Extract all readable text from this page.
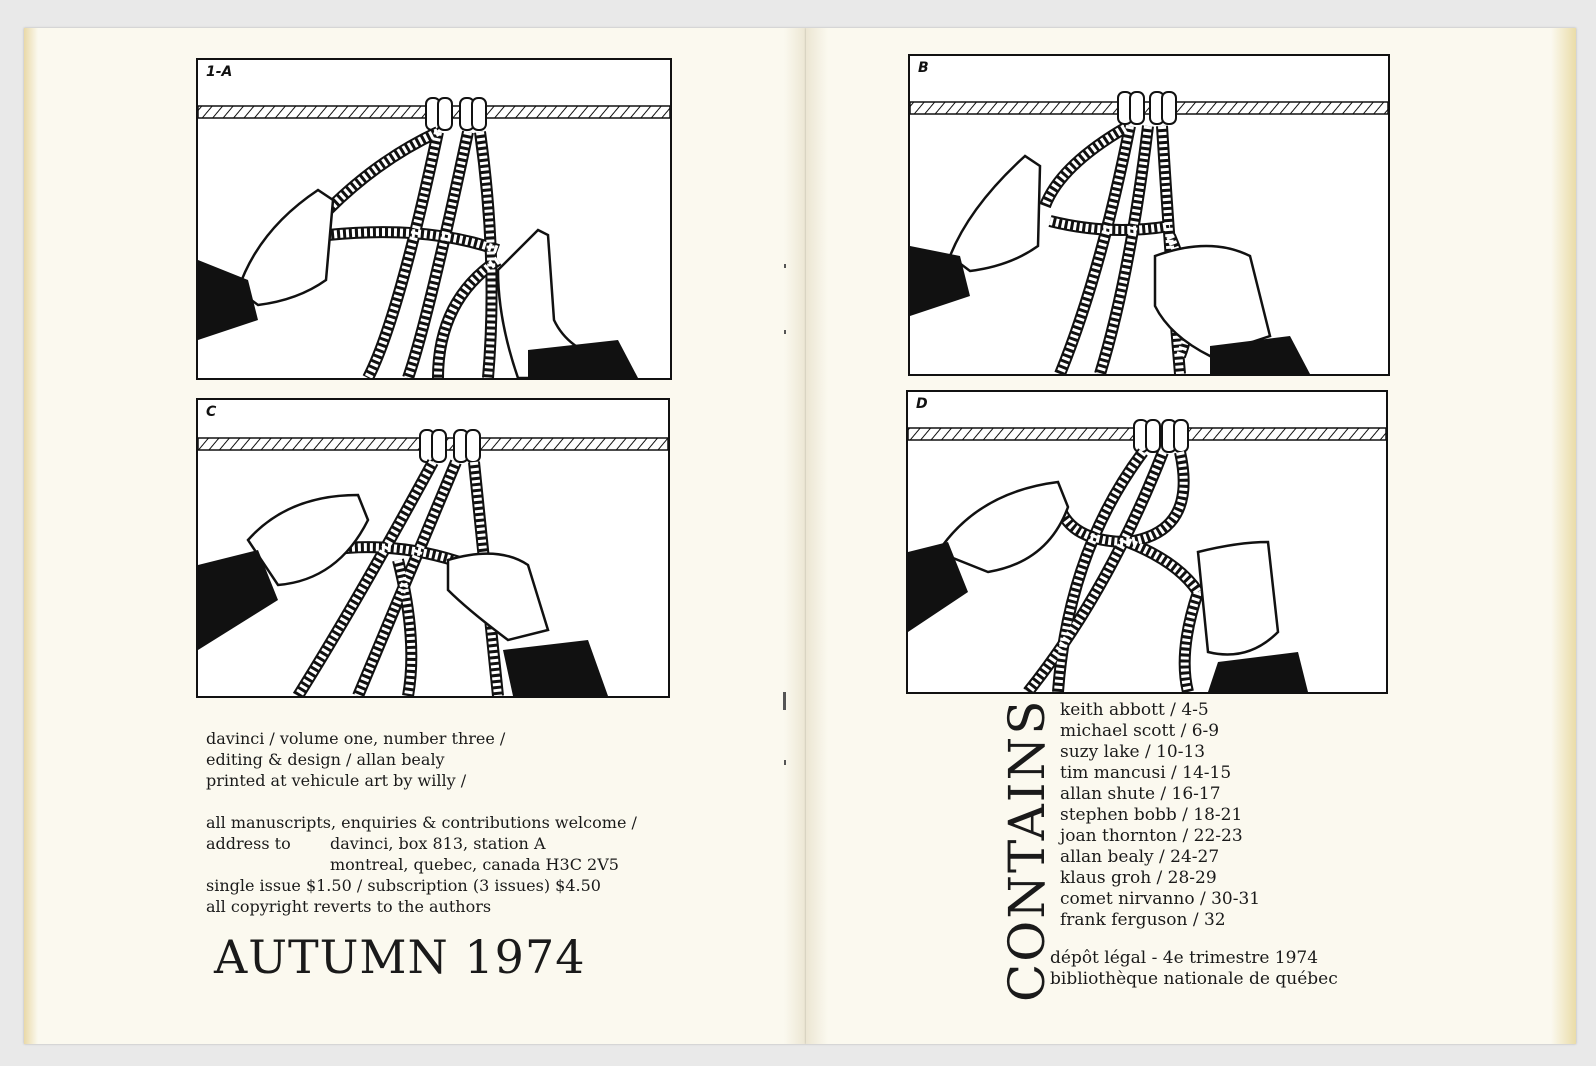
1-A	B
C	D
davinci / volume one, number three /
editing & design / allan bealy
printed at vehicule art by willy /
all manuscripts, enquiries & contributions welcome /
address to	davinci, box 813, station A
montreal, quebec, canada H3C 2V5
single issue $1.50 / subscription (3 issues) $4.50
all copyright reverts to the authors
AUTUMN 1974	CONTAINS keith abbott / 4-5
michael scott / 6-9
suzy lake / 10-13
tim mancusi / 14-15
allan shute / 16-17
stephen bobb / 18-21
joan thornton / 22-23
allan bealy / 24-27
klaus groh / 28-29
comet nirvanno / 30-31
frank ferguson / 32
dépôt légal - 4e trimestre 1974
bibliothèque nationale de québec
